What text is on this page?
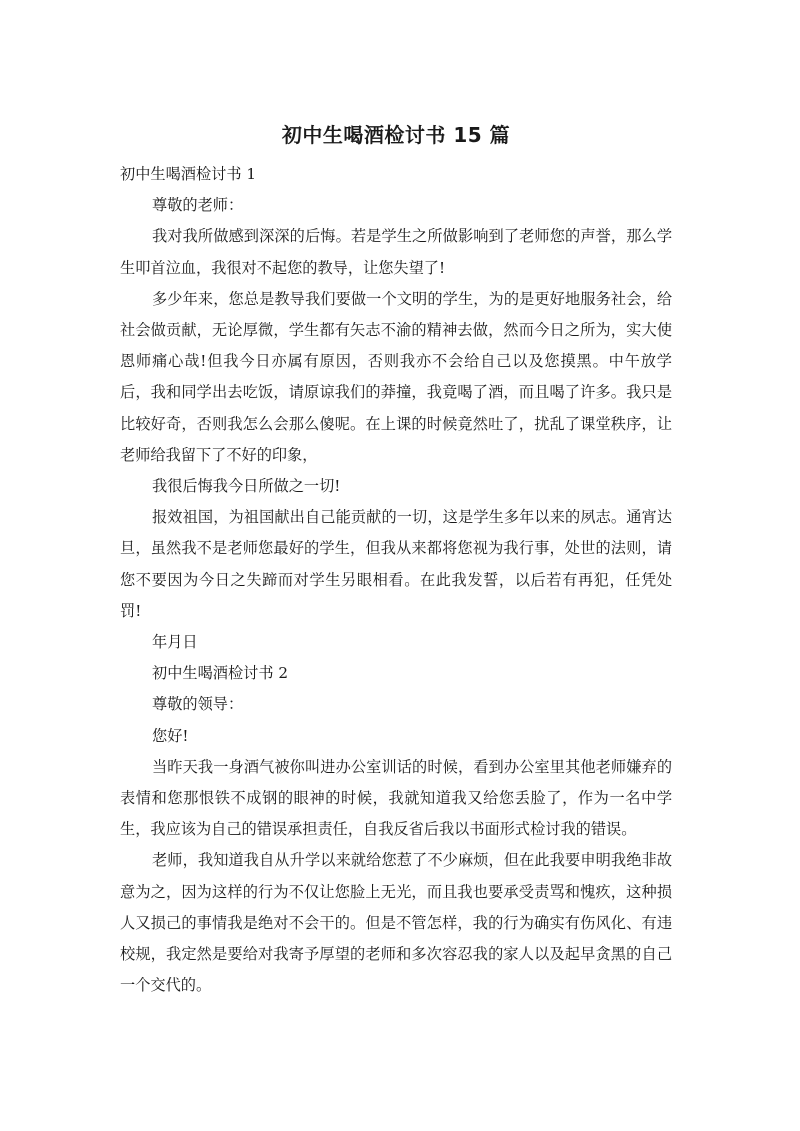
初中生喝酒检讨书 15 篇

初中生喝酒检讨书 1

尊敬的老师：

我对我所做感到深深的后悔。若是学生之所做影响到了老师您的声誉，那么学生叩首泣血，我很对不起您的教导，让您失望了!

多少年来，您总是教导我们要做一个文明的学生，为的是更好地服务社会，给社会做贡献，无论厚微，学生都有矢志不渝的精神去做，然而今日之所为，实大使恩师痛心哉!但我今日亦属有原因，否则我亦不会给自己以及您摸黑。中午放学后，我和同学出去吃饭，请原谅我们的莽撞，我竟喝了酒，而且喝了许多。我只是比较好奇，否则我怎么会那么傻呢。在上课的时候竟然吐了，扰乱了课堂秩序，让老师给我留下了不好的印象，

我很后悔我今日所做之一切!

报效祖国，为祖国献出自己能贡献的一切，这是学生多年以来的夙志。通宵达旦，虽然我不是老师您最好的学生，但我从来都将您视为我行事，处世的法则，请您不要因为今日之失蹄而对学生另眼相看。在此我发誓，以后若有再犯，任凭处罚!

年月日

初中生喝酒检讨书 2

尊敬的领导：

您好!

当昨天我一身酒气被你叫进办公室训话的时候，看到办公室里其他老师嫌弃的表情和您那恨铁不成钢的眼神的时候，我就知道我又给您丢脸了，作为一名中学生，我应该为自己的错误承担责任，自我反省后我以书面形式检讨我的错误。

老师，我知道我自从升学以来就给您惹了不少麻烦，但在此我要申明我绝非故意为之，因为这样的行为不仅让您脸上无光，而且我也要承受责骂和愧疚，这种损人又损己的事情我是绝对不会干的。但是不管怎样，我的行为确实有伤风化、有违校规，我定然是要给对我寄予厚望的老师和多次容忍我的家人以及起早贪黑的自己一个交代的。
